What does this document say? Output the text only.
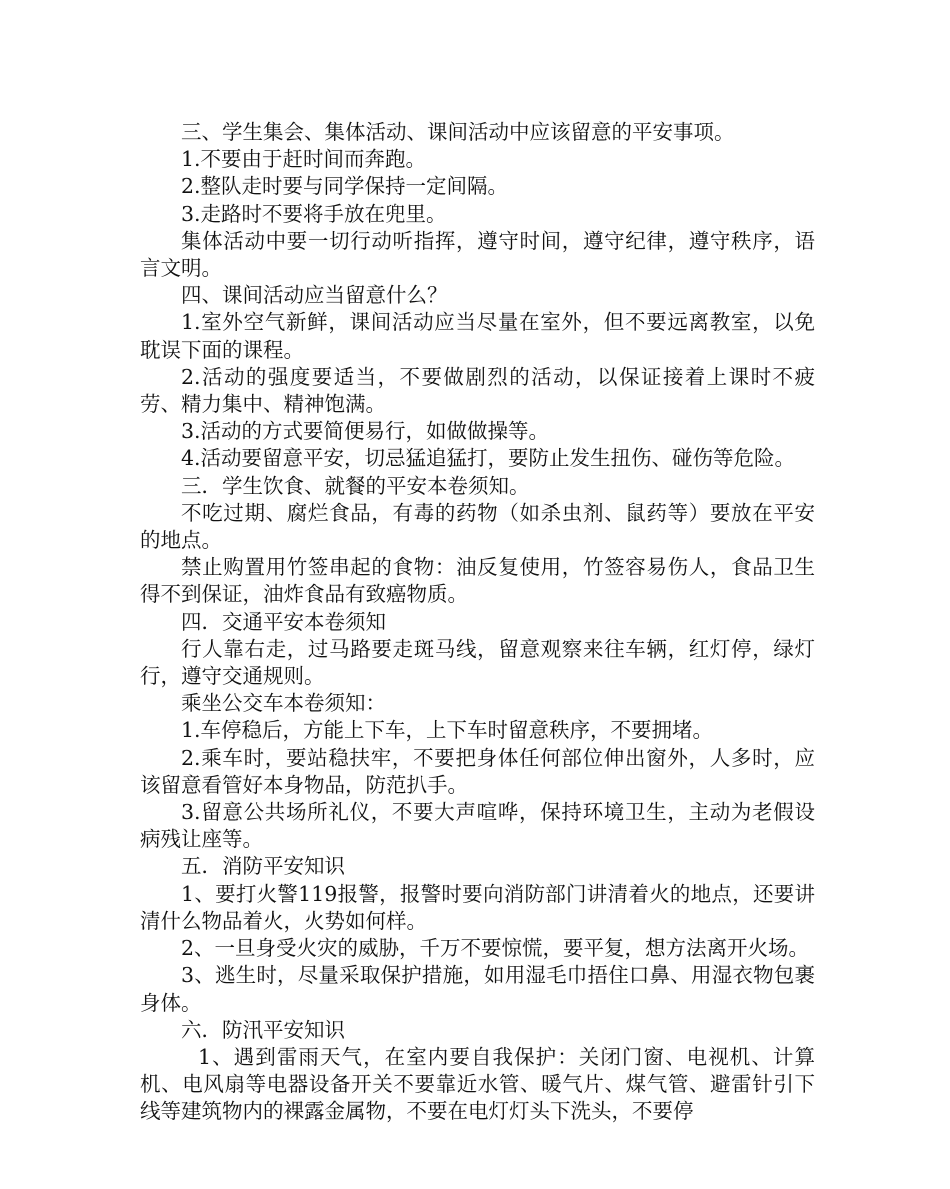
三、学生集会、集体活动、课间活动中应该留意的平安事项。

1.不要由于赶时间而奔跑。

2.整队走时要与同学保持一定间隔。

3.走路时不要将手放在兜里。

集体活动中要一切行动听指挥，遵守时间，遵守纪律，遵守秩序，语言文明。

四、课间活动应当留意什么？

1.室外空气新鲜，课间活动应当尽量在室外，但不要远离教室，以免耽误下面的课程。

2.活动的强度要适当，不要做剧烈的活动，以保证接着上课时不疲劳、精力集中、精神饱满。

3.活动的方式要简便易行，如做做操等。

4.活动要留意平安，切忌猛追猛打，要防止发生扭伤、碰伤等危险。

三．学生饮食、就餐的平安本卷须知。

不吃过期、腐烂食品，有毒的药物（如杀虫剂、鼠药等）要放在平安的地点。

禁止购置用竹签串起的食物：油反复使用，竹签容易伤人，食品卫生得不到保证，油炸食品有致癌物质。

四．交通平安本卷须知

行人靠右走，过马路要走斑马线，留意观察来往车辆，红灯停，绿灯行，遵守交通规则。

乘坐公交车本卷须知：

1.车停稳后，方能上下车，上下车时留意秩序，不要拥堵。

2.乘车时，要站稳扶牢，不要把身体任何部位伸出窗外，人多时，应该留意看管好本身物品，防范扒手。

3.留意公共场所礼仪，不要大声喧哗，保持环境卫生，主动为老假设病残让座等。

五．消防平安知识

1、要打火警119报警，报警时要向消防部门讲清着火的地点，还要讲清什么物品着火，火势如何样。

2、一旦身受火灾的威胁，千万不要惊慌，要平复，想方法离开火场。

3、逃生时，尽量采取保护措施，如用湿毛巾捂住口鼻、用湿衣物包裹身体。

六．防汛平安知识

1、遇到雷雨天气，在室内要自我保护：关闭门窗、电视机、计算机、电风扇等电器设备开关不要靠近水管、暖气片、煤气管、避雷针引下线等建筑物内的裸露金属物，不要在电灯灯头下洗头，不要停
